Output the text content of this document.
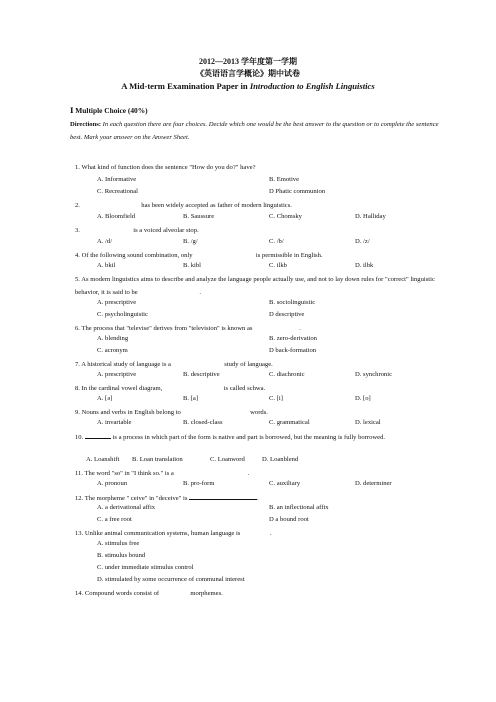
2012—2013 学年度第一学期
《英语语言学概论》期中试卷
A Mid-term Examination Paper in Introduction to English Linguistics
Ⅰ Multiple Choice (40%)
Directions: In each question there are four choices. Decide which one would be the best answer to the question or to complete the sentence best. Mark your answer on the Answer Sheet.
1. What kind of function does the sentence "How do you do?" have?
A. Informative	B. Emotive
C. Recreational	D Phatic communion
2.	has been widely accepted as father of modern linguistics.
A. Bloomfield	B. Saussure	C. Chomsky	D. Halliday
3.	is a voiced alveolar stop.
A. /d/	B. /g/	C. /b/	D. /z/
4. Of the following sound combination, only	is permissible in English.
A. bkil	B. kibl	C. ilkb	D. ilbk
5. As modern linguistics aims to describe and analyze the language people actually use, and not to lay down rules for "correct" linguistic behavior, it is said to be	.
A. prescriptive	B. sociolinguistic
C. psycholinguistic	D descriptive
6. The process that "televise" derives from "television" is known as	.
A. blending	B. zero-derivation
C. acronym	D back-formation
7. A historical study of language is a	study of language.
A. prescriptive	B. descriptive	C. diachronic	D. synchronic
8. In the cardinal vowel diagram,	is called schwa.
A. [ə]	B. [a]	C. [i]	D. [o]
9. Nouns and verbs in English belong to	words.
A. invariable	B. closed-class	C. grammatical	D. lexical
10.	is a process in which part of the form is native and part is borrowed, but the meaning is fully borrowed.
A. Loanshift B. Loan translation	C. Loanword	D. Loanblend
11. The word "so" in "I think so." is a	.
A. pronoun	B. pro-form	C. auxiliary	D. determiner
12. The morpheme " ceive" in "deceive" is	.
A. a derivational affix	B. an inflectional affix
C. a free root	D a bound root
13. Unlike animal communication systems, human language is	.
A. stimulus free
B. stimulus bound
C. under immediate stimulus control
D. stimulated by some occurrence of communal interest
14. Compound words consist of	morphemes.
